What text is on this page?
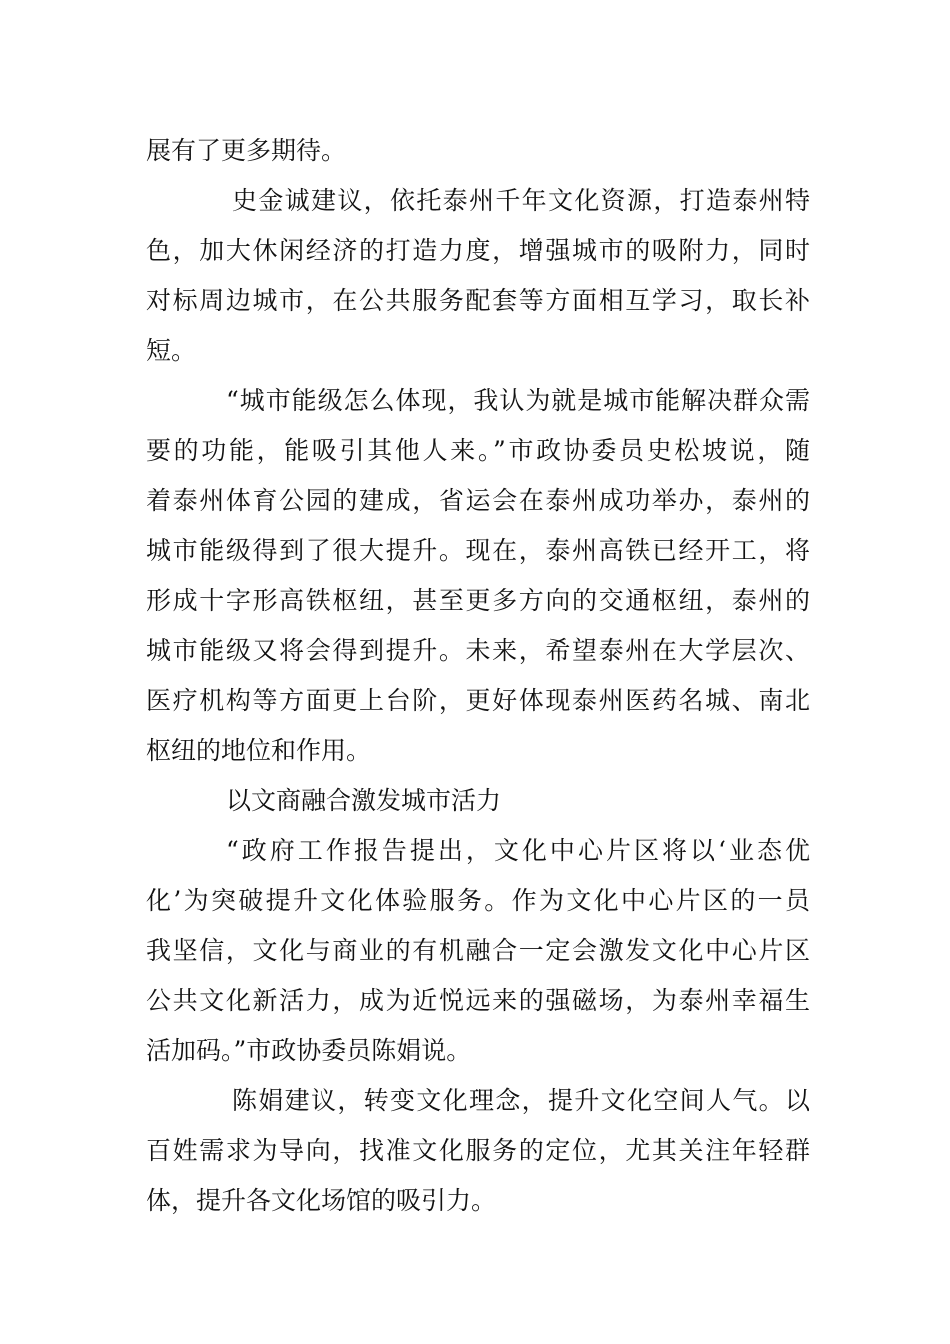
展有了更多期待。
史金诚建议，依托泰州千年文化资源，打造泰州特
色，加大休闲经济的打造力度，增强城市的吸附力，同时
对标周边城市，在公共服务配套等方面相互学习，取长补
短。
“城市能级怎么体现，我认为就是城市能解决群众需
要的功能，能吸引其他人来。”市政协委员史松坡说，随
着泰州体育公园的建成，省运会在泰州成功举办，泰州的
城市能级得到了很大提升。现在，泰州高铁已经开工，将
形成十字形高铁枢纽，甚至更多方向的交通枢纽，泰州的
城市能级又将会得到提升。未来，希望泰州在大学层次、
医疗机构等方面更上台阶，更好体现泰州医药名城、南北
枢纽的地位和作用。
以文商融合激发城市活力
“政府工作报告提出，文化中心片区将以‘业态优
化’为突破提升文化体验服务。作为文化中心片区的一员
我坚信，文化与商业的有机融合一定会激发文化中心片区
公共文化新活力，成为近悦远来的强磁场，为泰州幸福生
活加码。”市政协委员陈娟说。
陈娟建议，转变文化理念，提升文化空间人气。以
百姓需求为导向，找准文化服务的定位，尤其关注年轻群
体，提升各文化场馆的吸引力。
